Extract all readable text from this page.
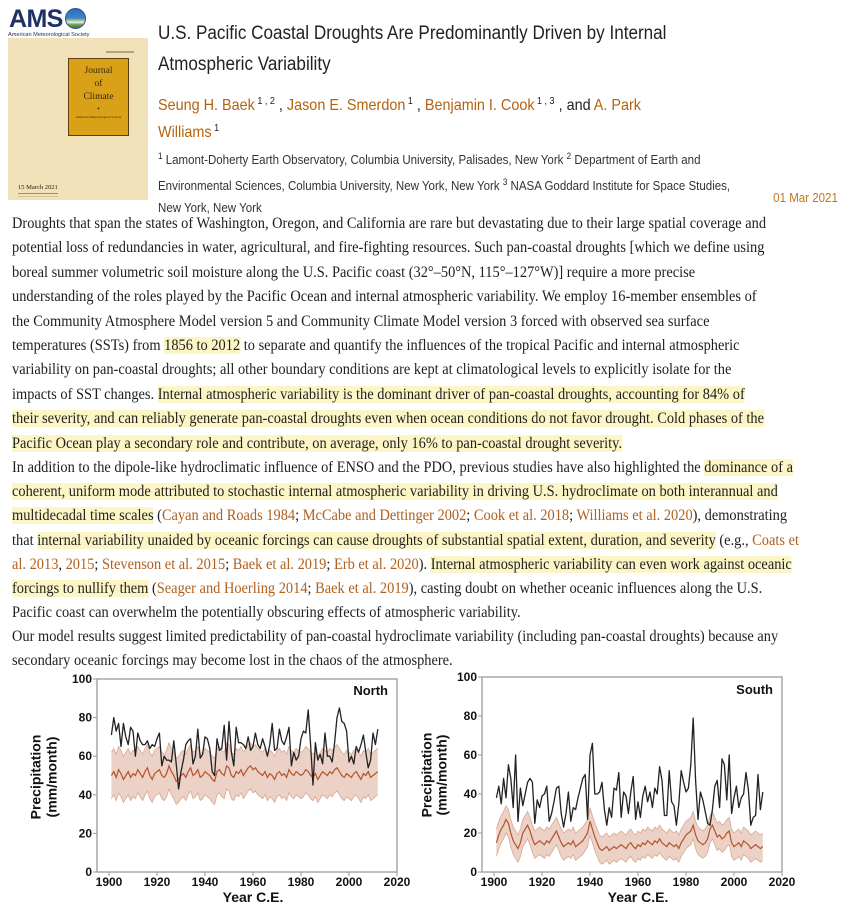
AMS
American Meteorological Society
Journal
of
Climate
•
American Meteorological Society
15 March 2021
U.S. Pacific Coastal Droughts Are Predominantly Driven by Internal
Atmospheric Variability
Seung H. Baek $^{1 , 2}$ , Jason E. Smerdon $^1$ , Benjamin I. Cook $^{1 , 3}$ , and A. Park
Williams $^1$
$^1$ Lamont-Doherty Earth Observatory, Columbia University, Palisades, New York $^2$ Department of Earth and
Environmental Sciences, Columbia University, New York, New York $^3$ NASA Goddard Institute for Space Studies,
New York, New York
01 Mar 2021
Droughts that span the states of Washington, Oregon, and California are rare but devastating due to their large spatial coverage and
potential loss of redundancies in water, agricultural, and fire-fighting resources. Such pan-coastal droughts [which we define using
boreal summer volumetric soil moisture along the U.S. Pacific coast (32°–50°N, 115°–127°W)] require a more precise
understanding of the roles played by the Pacific Ocean and internal atmospheric variability. We employ 16-member ensembles of
the Community Atmosphere Model version 5 and Community Climate Model version 3 forced with observed sea surface
temperatures (SSTs) from 1856 to 2012 to separate and quantify the influences of the tropical Pacific and internal atmospheric
variability on pan-coastal droughts; all other boundary conditions are kept at climatological levels to explicitly isolate for the
impacts of SST changes. Internal atmospheric variability is the dominant driver of pan-coastal droughts, accounting for 84% of
their severity, and can reliably generate pan-coastal droughts even when ocean conditions do not favor drought. Cold phases of the
Pacific Ocean play a secondary role and contribute, on average, only 16% to pan-coastal drought severity.
In addition to the dipole-like hydroclimatic influence of ENSO and the PDO, previous studies have also highlighted the dominance of a
coherent, uniform mode attributed to stochastic internal atmospheric variability in driving U.S. hydroclimate on both interannual and
multidecadal time scales (Cayan and Roads 1984; McCabe and Dettinger 2002; Cook et al. 2018; Williams et al. 2020), demonstrating
that internal variability unaided by oceanic forcings can cause droughts of substantial spatial extent, duration, and severity (e.g., Coats et
al. 2013, 2015; Stevenson et al. 2015; Baek et al. 2019; Erb et al. 2020). Internal atmospheric variability can even work against oceanic
forcings to nullify them (Seager and Hoerling 2014; Baek et al. 2019), casting doubt on whether oceanic influences along the U.S.
Pacific coast can overwhelm the potentially obscuring effects of atmospheric variability.
Our model results suggest limited predictability of pan-coastal hydroclimate variability (including pan-coastal droughts) because any
secondary oceanic forcings may become lost in the chaos of the atmosphere.
0
20
40
60
80
100
1900 1920 1940 1960 1980 2000 2020
North
Precipitation (mm/month)
Year C.E.
0
20
40
60
80
100
1900 1920 1940 1960 1980 2000 2020
South
Precipitation (mm/month)
Year C.E.
